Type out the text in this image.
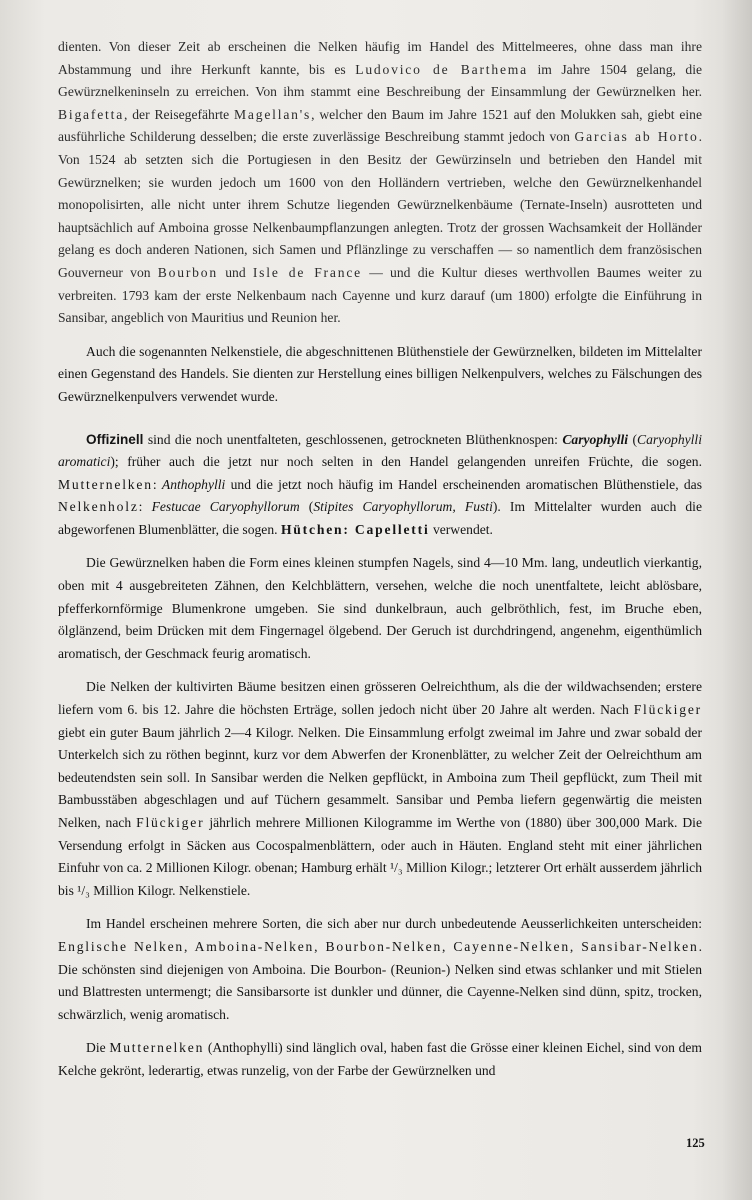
dienten. Von dieser Zeit ab erscheinen die Nelken häufig im Handel des Mittelmeeres, ohne dass man ihre Abstammung und ihre Herkunft kannte, bis es Ludovico de Barthema im Jahre 1504 gelang, die Gewürznelkeninseln zu erreichen. Von ihm stammt eine Beschreibung der Einsammlung der Gewürznelken her. Bigafetta, der Reisegefährte Magellan's, welcher den Baum im Jahre 1521 auf den Molukken sah, giebt eine ausführliche Schilderung desselben; die erste zuverlässige Beschreibung stammt jedoch von Garcias ab Horto. Von 1524 ab setzten sich die Portugiesen in den Besitz der Gewürzinseln und betrieben den Handel mit Gewürznelken; sie wurden jedoch um 1600 von den Holländern vertrieben, welche den Gewürznelkenhandel monopolisirten, alle nicht unter ihrem Schutze liegenden Gewürznelkenbäume (Ternate-Inseln) ausrotteten und hauptsächlich auf Amboina grosse Nelkenbaumpflanzungen anlegten. Trotz der grossen Wachsamkeit der Holländer gelang es doch anderen Nationen, sich Samen und Pflänzlinge zu verschaffen — so namentlich dem französischen Gouverneur von Bourbon und Isle de France — und die Kultur dieses werthvollen Baumes weiter zu verbreiten. 1793 kam der erste Nelkenbaum nach Cayenne und kurz darauf (um 1800) erfolgte die Einführung in Sansibar, angeblich von Mauritius und Reunion her.

Auch die sogenannten Nelkenstiele, die abgeschnittenen Blüthenstiele der Gewürznelken, bildeten im Mittelalter einen Gegenstand des Handels. Sie dienten zur Herstellung eines billigen Nelkenpulvers, welches zu Fälschungen des Gewürznelkenpulvers verwendet wurde.

Offizinell sind die noch unentfalteten, geschlossenen, getrockneten Blüthenknospen: Caryophylli (Caryophylli aromatici); früher auch die jetzt nur noch selten in den Handel gelangenden unreifen Früchte, die sogen. Mutternelken: Anthophylli und die jetzt noch häufig im Handel erscheinenden aromatischen Blüthenstiele, das Nelkenholz: Festucae Caryophyllorum (Stipites Caryophyllorum, Fusti). Im Mittelalter wurden auch die abgeworfenen Blumenblätter, die sogen. Hütchen: Capelletti verwendet.

Die Gewürznelken haben die Form eines kleinen stumpfen Nagels, sind 4—10 Mm. lang, undeutlich vierkantig, oben mit 4 ausgebreiteten Zähnen, den Kelchblättern, versehen, welche die noch unentfaltete, leicht ablösbare, pfefferkornförmige Blumenkrone umgeben. Sie sind dunkelbraun, auch gelbröthlich, fest, im Bruche eben, ölglänzend, beim Drücken mit dem Fingernagel ölgebend. Der Geruch ist durchdringend, angenehm, eigenthümlich aromatisch, der Geschmack feurig aromatisch.

Die Nelken der kultivirten Bäume besitzen einen grösseren Oelreichthum, als die der wildwachsenden; erstere liefern vom 6. bis 12. Jahre die höchsten Erträge, sollen jedoch nicht über 20 Jahre alt werden. Nach Flückiger giebt ein guter Baum jährlich 2—4 Kilogr. Nelken. Die Einsammlung erfolgt zweimal im Jahre und zwar sobald der Unterkelch sich zu röthen beginnt, kurz vor dem Abwerfen der Kronenblätter, zu welcher Zeit der Oelreichthum am bedeutendsten sein soll. In Sansibar werden die Nelken gepflückt, in Amboina zum Theil gepflückt, zum Theil mit Bambusstäben abgeschlagen und auf Tüchern gesammelt. Sansibar und Pemba liefern gegenwärtig die meisten Nelken, nach Flückiger jährlich mehrere Millionen Kilogramme im Werthe von (1880) über 300,000 Mark. Die Versendung erfolgt in Säcken aus Cocospalmenblättern, oder auch in Häuten. England steht mit einer jährlichen Einfuhr von ca. 2 Millionen Kilogr. obenan; Hamburg erhält ¹/₃ Million Kilogr.; letzterer Ort erhält ausserdem jährlich bis ¹/₃ Million Kilogr. Nelkenstiele.

Im Handel erscheinen mehrere Sorten, die sich aber nur durch unbedeutende Aeusserlichkeiten unterscheiden: Englische Nelken, Amboina-Nelken, Bourbon-Nelken, Cayenne-Nelken, Sansibar-Nelken. Die schönsten sind diejenigen von Amboina. Die Bourbon- (Reunion-) Nelken sind etwas schlanker und mit Stielen und Blattresten untermengt; die Sansibarsorte ist dunkler und dünner, die Cayenne-Nelken sind dünn, spitz, trocken, schwärzlich, wenig aromatisch.

Die Mutternelken (Anthophylli) sind länglich oval, haben fast die Grösse einer kleinen Eichel, sind von dem Kelche gekrönt, lederartig, etwas runzelig, von der Farbe der Gewürznelken und

125
